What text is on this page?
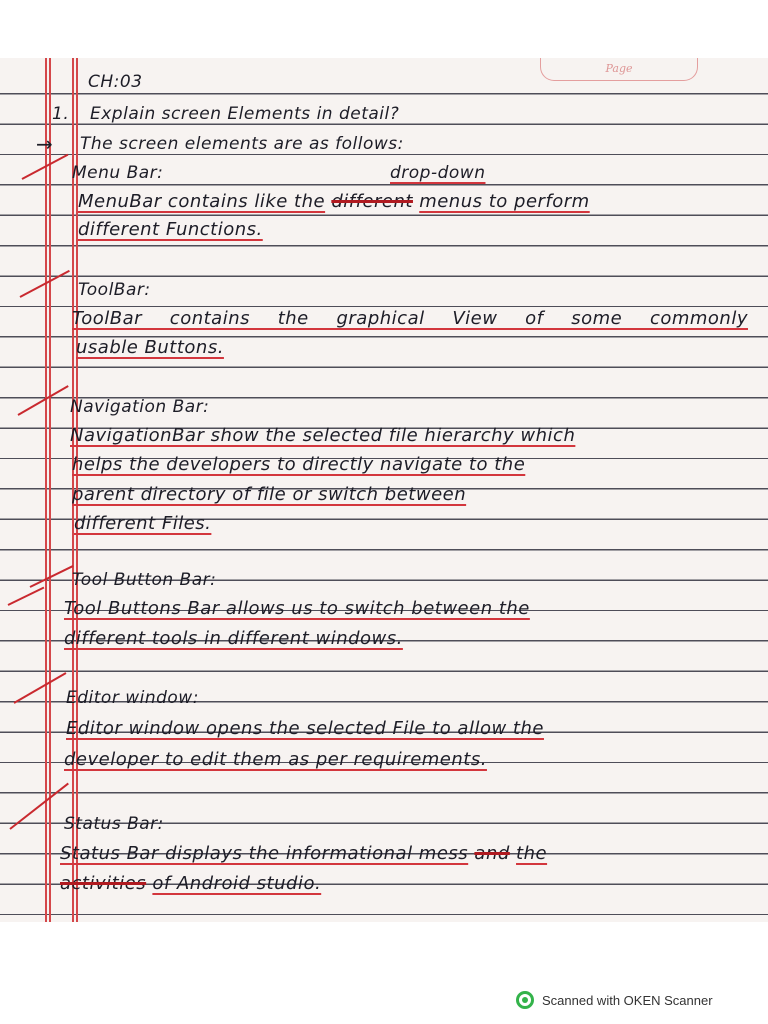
Page
CH:03
1. Explain screen Elements in detail?
→ The screen elements are as follows:
Menu Bar:	drop-down
MenuBar contains like the different menus to perform
different Functions.
ToolBar:
ToolBar contains the graphical View of some commonly
usable Buttons.
Navigation Bar:
NavigationBar show the selected file hierarchy which
helps the developers to directly navigate to the
parent directory of file or switch between
different Files.
Tool Button Bar:
Tool Buttons Bar allows us to switch between the
different tools in different windows.
Editor window:
Editor window opens the selected File to allow the
developer to edit them as per requirements.
Status Bar:
Status Bar displays the informational mess and the
activities of Android studio.
Scanned with OKEN Scanner
